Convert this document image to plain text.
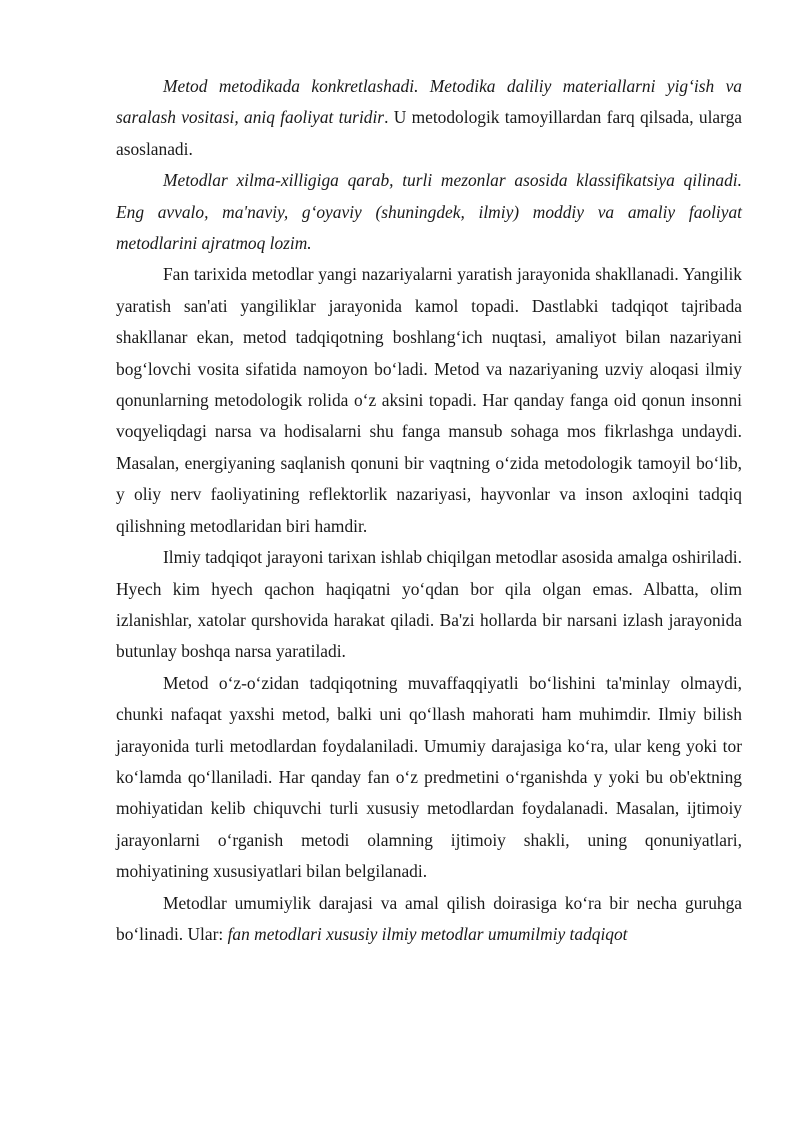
Metod metodikada konkretlashadi. Metodika daliliy materiallarni yig‘ish va saralash vositasi, aniq faoliyat turidir. U metodologik tamoyillardan farq qilsada, ularga asoslanadi.

Metodlar xilma-xilligiga qarab, turli mezonlar asosida klassifikatsiya qilinadi. Eng avvalo, ma'naviy, g‘oyaviy (shuningdek, ilmiy) moddiy va amaliy faoliyat metodlarini ajratmoq lozim.

Fan tarixida metodlar yangi nazariyalarni yaratish jarayonida shakllanadi. Yangilik yaratish san'ati yangiliklar jarayonida kamol topadi. Dastlabki tadqiqot tajribada shakllanar ekan, metod tadqiqotning boshlang‘ich nuqtasi, amaliyot bilan nazariyani bog‘lovchi vosita sifatida namoyon bo‘ladi. Metod va nazariyaning uzviy aloqasi ilmiy qonunlarning metodologik rolida o‘z aksini topadi. Har qanday fanga oid qonun insonni voqyeliqdagi narsa va hodisalarni shu fanga mansub sohaga mos fikrlashga undaydi. Masalan, energiyaning saqlanish qonuni bir vaqtning o‘zida metodologik tamoyil bo‘lib, y oliy nerv faoliyatining reflektorlik nazariyasi, hayvonlar va inson axloqini tadqiq qilishning metodlaridan biri hamdir.

Ilmiy tadqiqot jarayoni tarixan ishlab chiqilgan metodlar asosida amalga oshiriladi. Hyech kim hyech qachon haqiqatni yo‘qdan bor qila olgan emas. Albatta, olim izlanishlar, xatolar qurshovida harakat qiladi. Ba'zi hollarda bir narsani izlash jarayonida butunlay boshqa narsa yaratiladi.

Metod o‘z-o‘zidan tadqiqotning muvaffaqqiyatli bo‘lishini ta'minlay olmaydi, chunki nafaqat yaxshi metod, balki uni qo‘llash mahorati ham muhimdir. Ilmiy bilish jarayonida turli metodlardan foydalaniladi. Umumiy darajasiga ko‘ra, ular keng yoki tor ko‘lamda qo‘llaniladi. Har qanday fan o‘z predmetini o‘rganishda y yoki bu ob'ektning mohiyatidan kelib chiquvchi turli xususiy metodlardan foydalanadi. Masalan, ijtimoiy jarayonlarni o‘rganish metodi olamning ijtimoiy shakli, uning qonuniyatlari, mohiyatining xususiyatlari bilan belgilanadi.

Metodlar umumiylik darajasi va amal qilish doirasiga ko‘ra bir necha guruhga bo‘linadi. Ular: fan metodlari xususiy ilmiy metodlar umumilmiy tadqiqot
